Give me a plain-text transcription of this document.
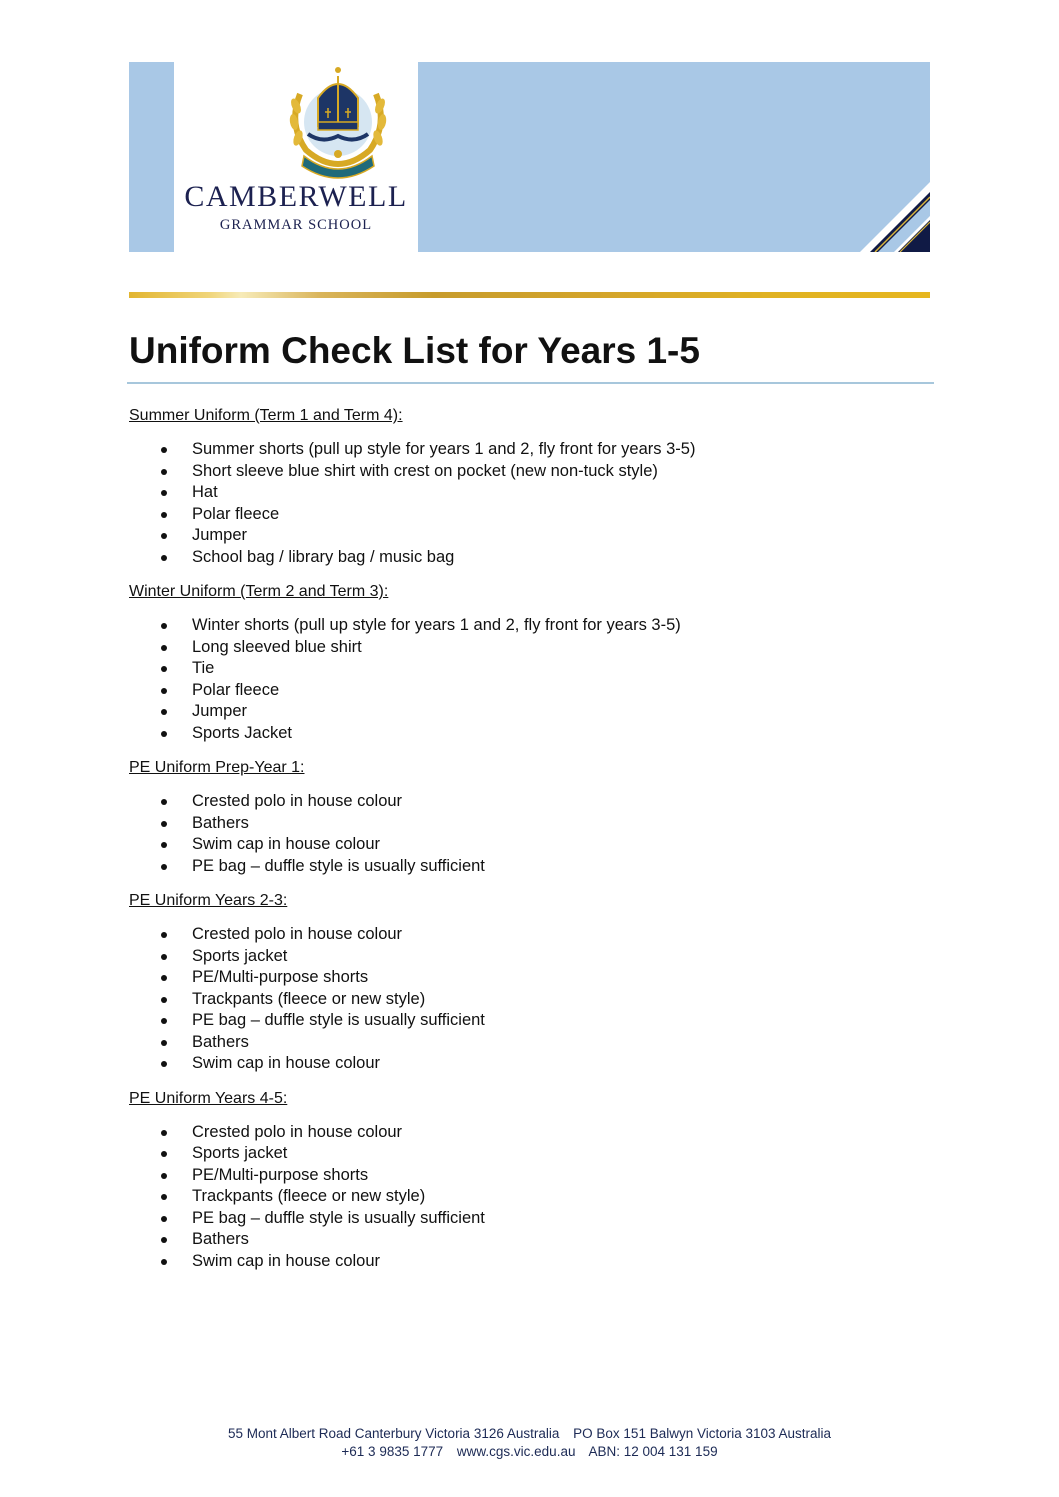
CAMBERWELL
GRAMMAR SCHOOL
Uniform Check List for Years 1-5

Summer Uniform (Term 1 and Term 4):

Summer shorts (pull up style for years 1 and 2, fly front for years 3-5)
Short sleeve blue shirt with crest on pocket (new non-tuck style)
Hat
Polar fleece
Jumper
School bag / library bag / music bag

Winter Uniform (Term 2 and Term 3):

Winter shorts (pull up style for years 1 and 2, fly front for years 3-5)
Long sleeved blue shirt
Tie
Polar fleece
Jumper
Sports Jacket

PE Uniform Prep-Year 1:

Crested polo in house colour
Bathers
Swim cap in house colour
PE bag – duffle style is usually sufficient

PE Uniform Years 2-3:

Crested polo in house colour
Sports jacket
PE/Multi-purpose shorts
Trackpants (fleece or new style)
PE bag – duffle style is usually sufficient
Bathers
Swim cap in house colour

PE Uniform Years 4-5:

Crested polo in house colour
Sports jacket
PE/Multi-purpose shorts
Trackpants (fleece or new style)
PE bag – duffle style is usually sufficient
Bathers
Swim cap in house colour
55 Mont Albert Road Canterbury Victoria 3126 Australia PO Box 151 Balwyn Victoria 3103 Australia
+61 3 9835 1777 www.cgs.vic.edu.au ABN: 12 004 131 159
